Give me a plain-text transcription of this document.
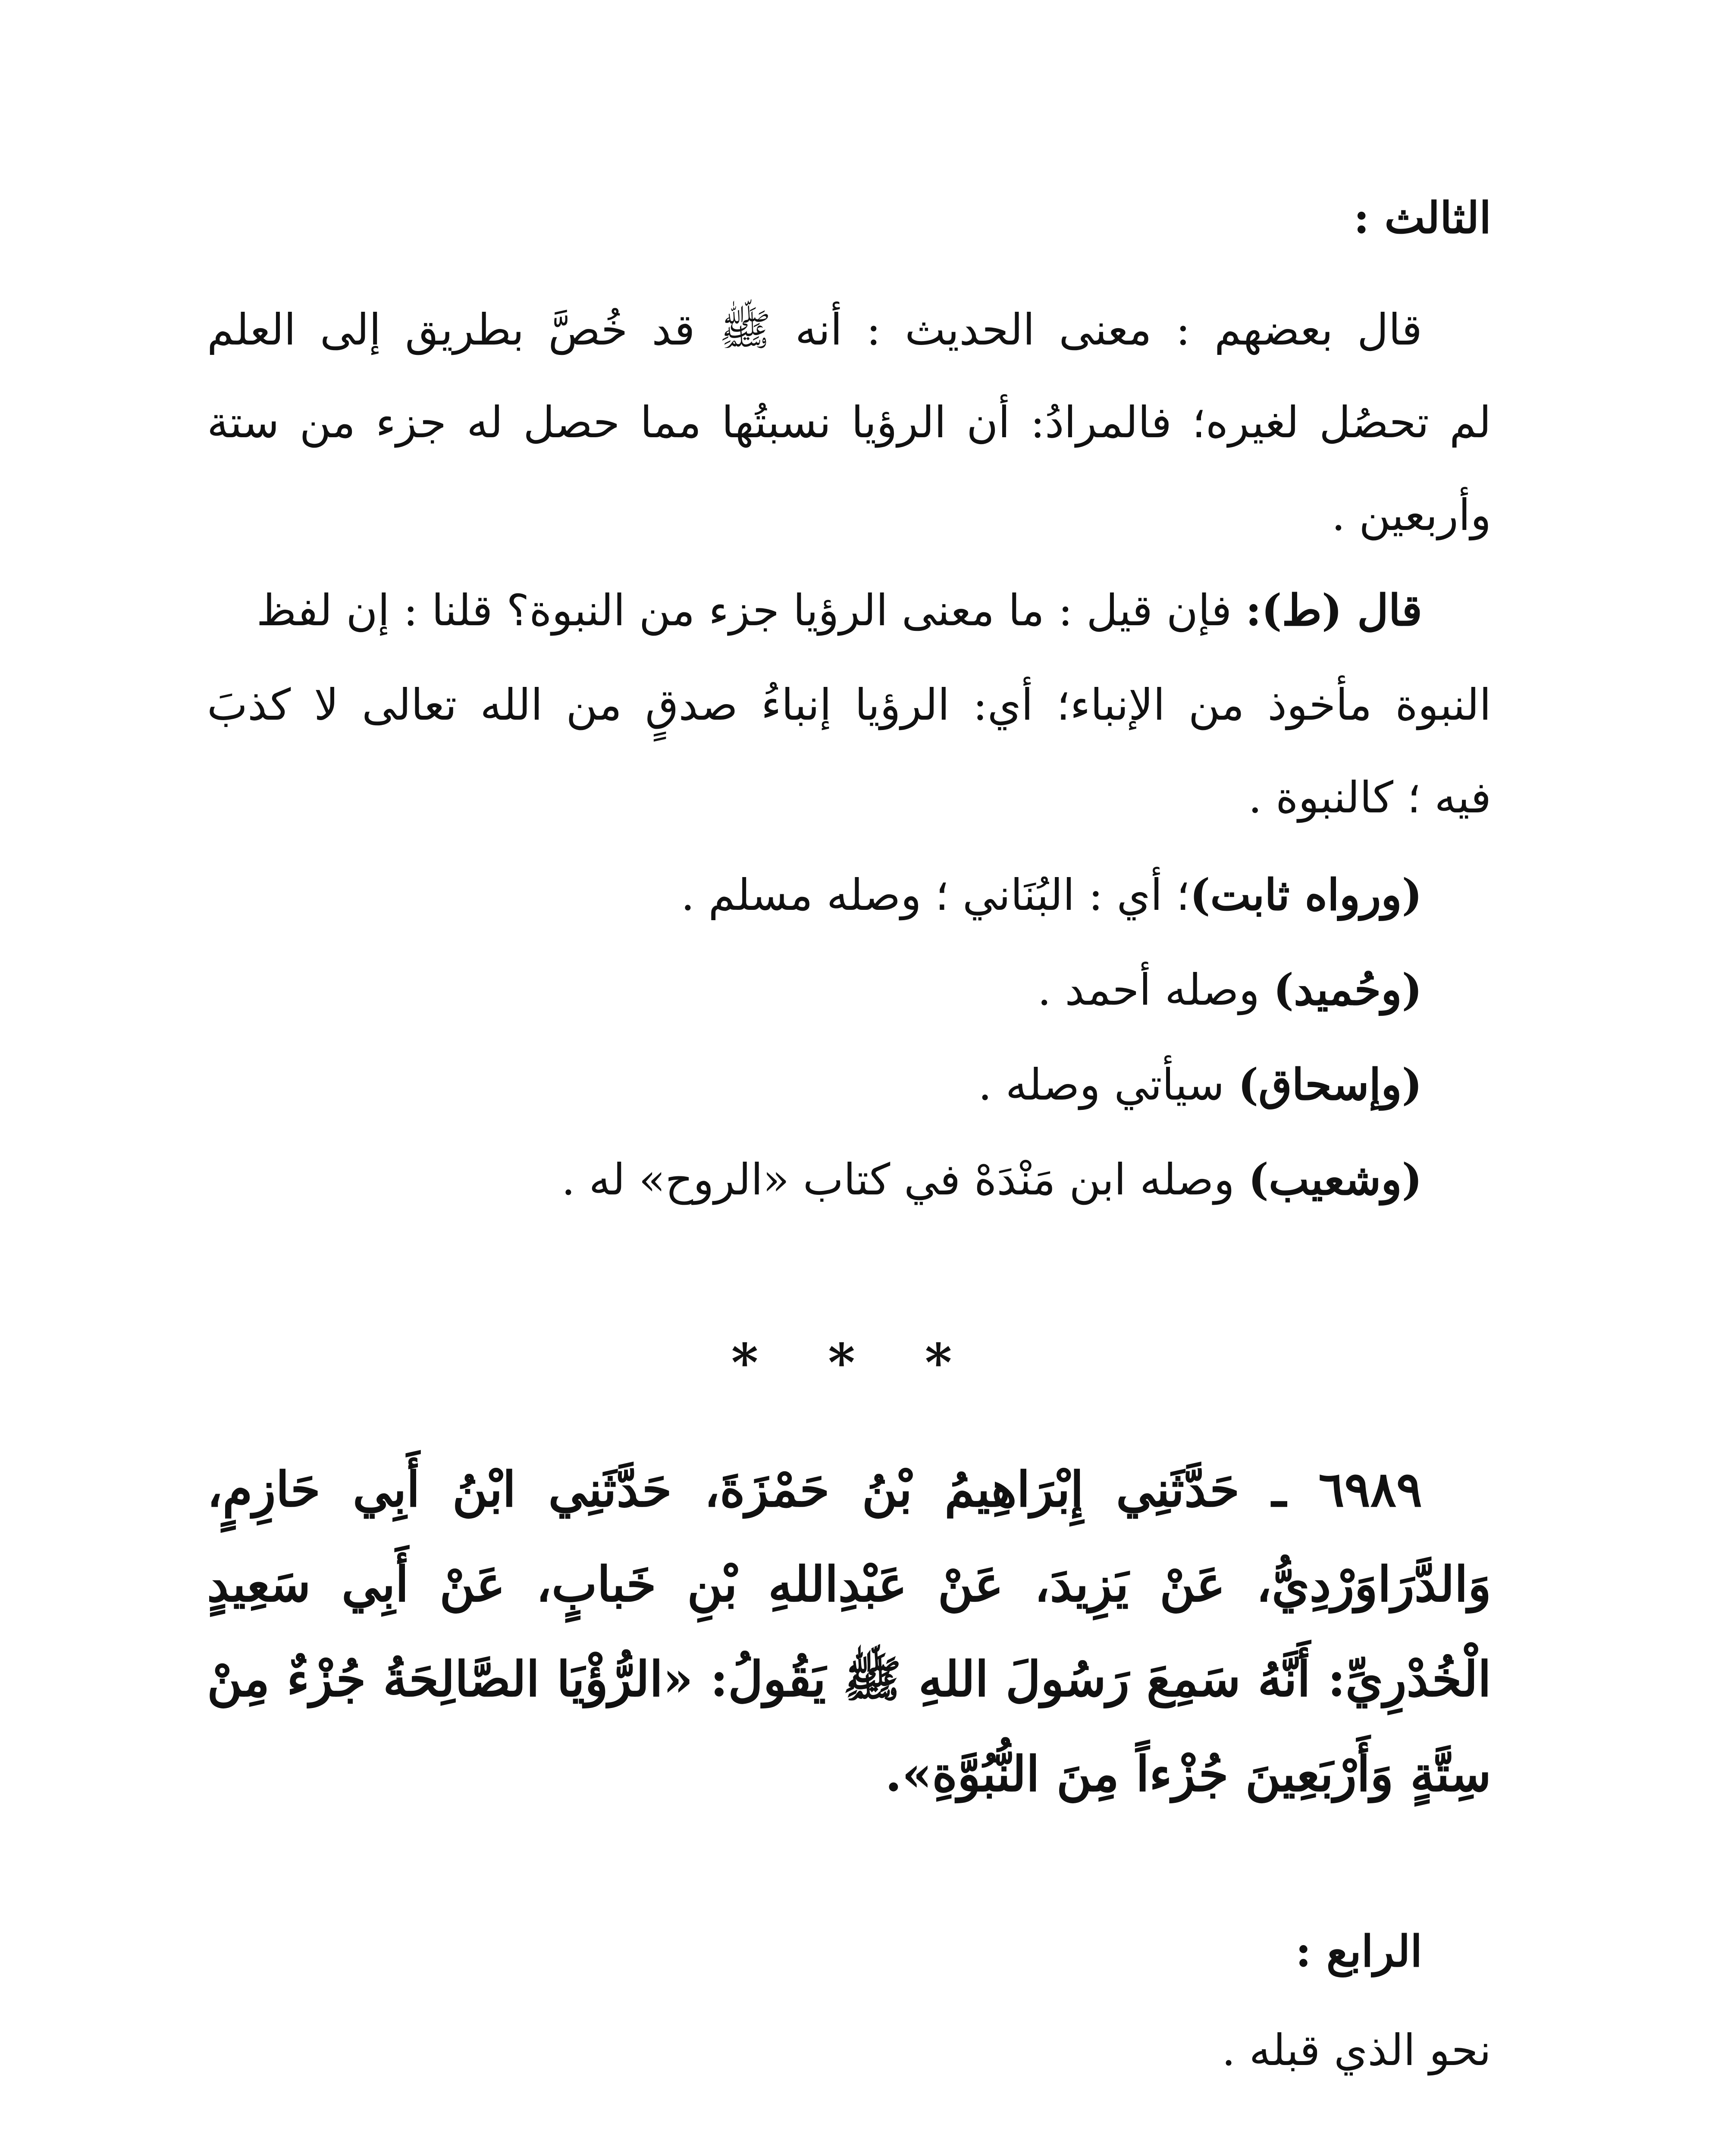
الثالث :
قال بعضهم : معنى الحديث : أنه ﷺ قد خُصَّ بطريق إلى العلم
لم تحصُل لغيره؛ فالمرادُ: أن الرؤيا نسبتُها مما حصل له جزء من ستة
وأربعين .
قال (ط): فإن قيل : ما معنى الرؤيا جزء من النبوة؟ قلنا : إن لفظ
النبوة مأخوذ من الإنباء؛ أي: الرؤيا إنباءُ صدقٍ من الله تعالى لا كذبَ
فيه ؛ كالنبوة .
(ورواه ثابت)؛ أي : البُنَاني ؛ وصله مسلم .
(وحُميد) وصله أحمد .
(وإسحاق) سيأتي وصله .
(وشعيب) وصله ابن مَنْدَهْ في كتاب «الروح» له .
* * *
٦٩٨٩ ـ حَدَّثَنِي إِبْرَاهِيمُ بْنُ حَمْزَةَ، حَدَّثَنِي ابْنُ أَبِي حَازِمٍ،
وَالدَّرَاوَرْدِيُّ، عَنْ يَزِيدَ، عَنْ عَبْدِاللهِ بْنِ خَبابٍ، عَنْ أَبِي سَعِيدٍ
الْخُدْرِيِّ: أَنَّهُ سَمِعَ رَسُولَ اللهِ ﷺ يَقُولُ: «الرُّؤْيَا الصَّالِحَةُ جُزْءٌ مِنْ
سِتَّةٍ وَأَرْبَعِينَ جُزْءاً مِنَ النُّبُوَّةِ».
الرابع :
نحو الذي قبله .
